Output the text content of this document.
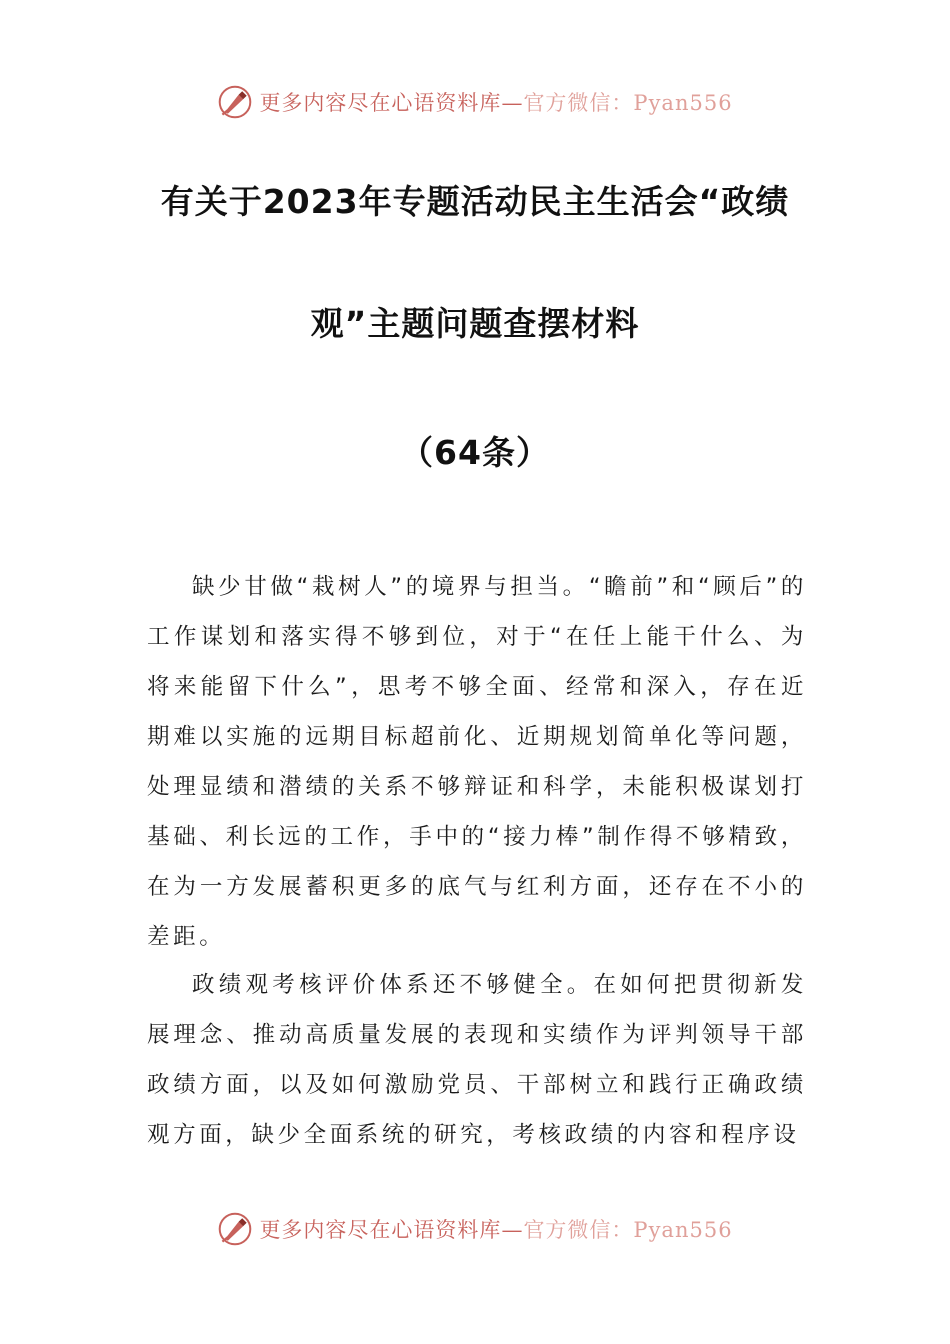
更多内容尽在心语资料库—官方微信：Pyan556
有关于2023年专题活动民主生活会“政绩
观”主题问题查摆材料
（64条）

缺少甘做“栽树人”的境界与担当。“瞻前”和“顾后”的工作谋划和落实得不够到位，对于“在任上能干什么、为将来能留下什么”，思考不够全面、经常和深入，存在近期难以实施的远期目标超前化、近期规划简单化等问题，处理显绩和潜绩的关系不够辩证和科学，未能积极谋划打基础、利长远的工作，手中的“接力棒”制作得不够精致，在为一方发展蓄积更多的底气与红利方面，还存在不小的差距。

政绩观考核评价体系还不够健全。在如何把贯彻新发展理念、推动高质量发展的表现和实绩作为评判领导干部政绩方面，以及如何激励党员、干部树立和践行正确政绩观方面，缺少全面系统的研究，考核政绩的内容和程序设

更多内容尽在心语资料库—官方微信：Pyan556
